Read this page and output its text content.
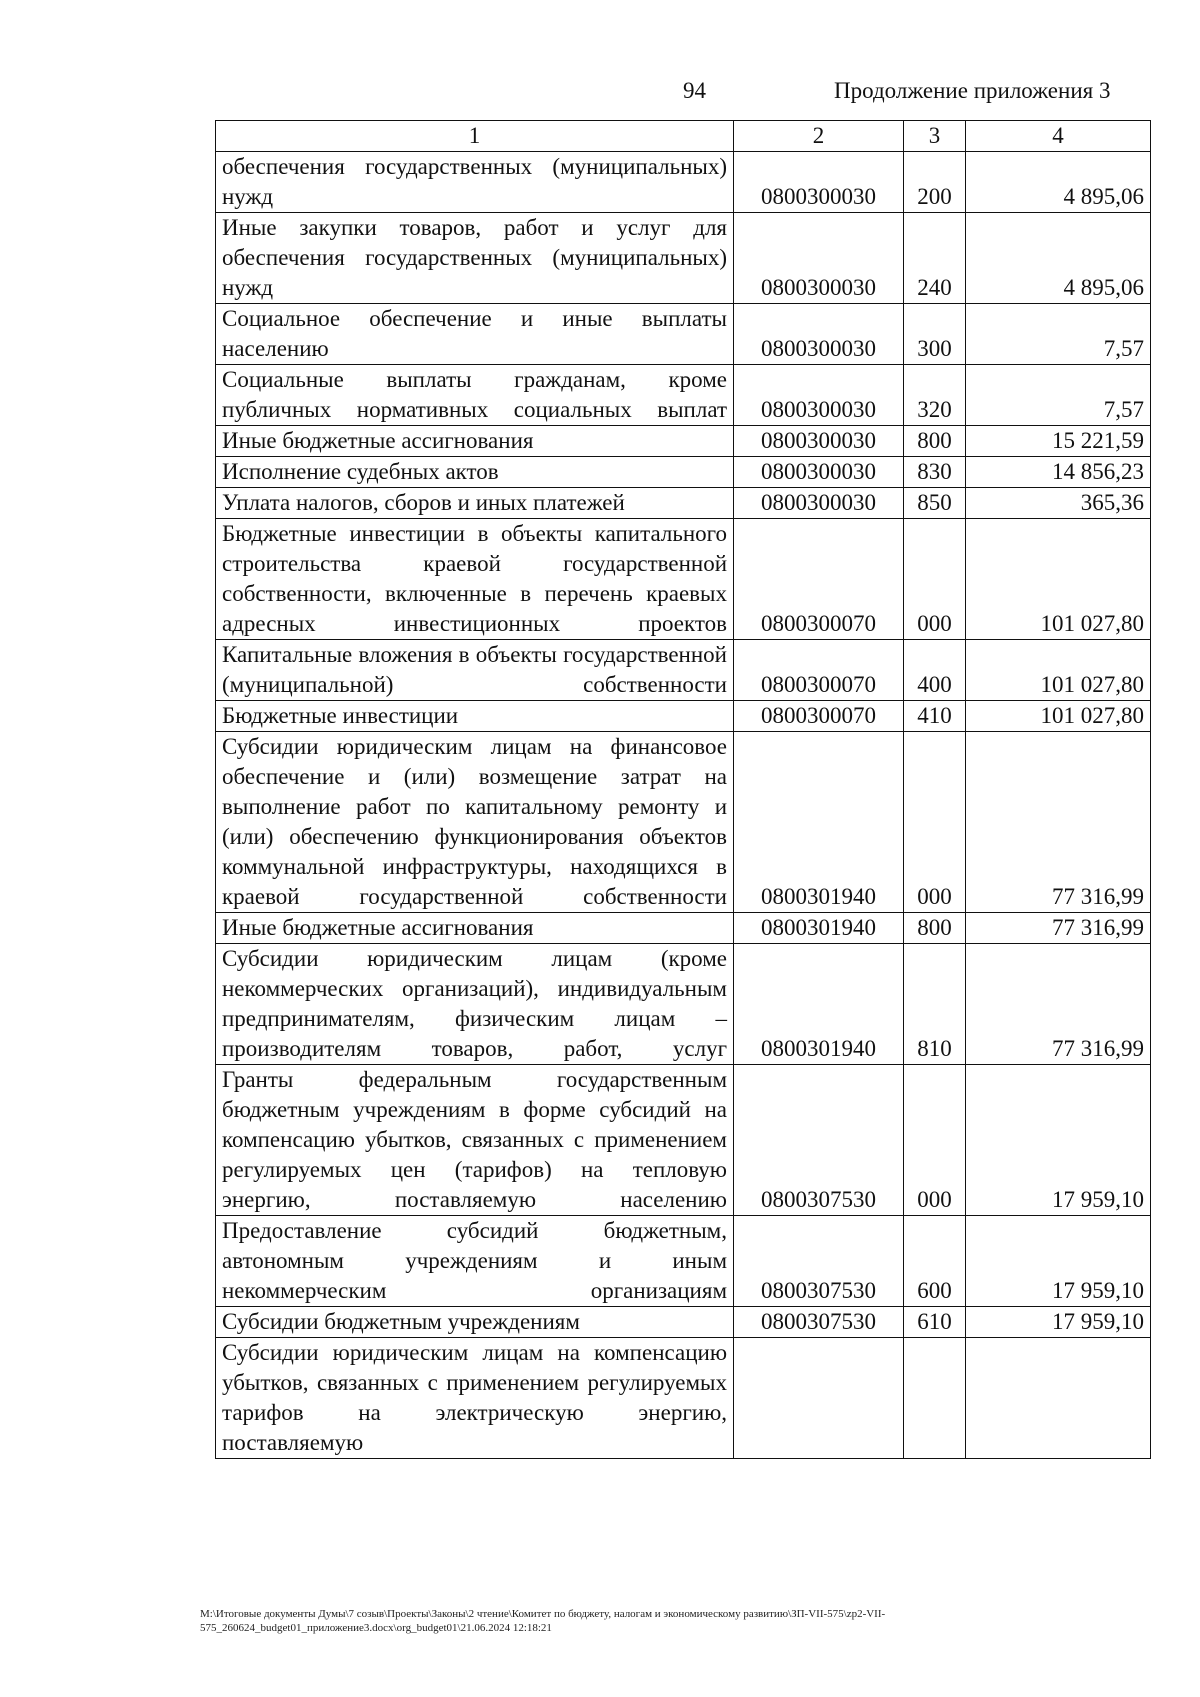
94	Продолжение приложения 3
1	2	3	4
обеспечения государственных (муниципальных) нужд	0800300030	200	4 895,06
Иные закупки товаров, работ и услуг для обеспечения государственных (муниципальных) нужд	0800300030	240	4 895,06
Социальное обеспечение и иные выплаты населению	0800300030	300	7,57
Социальные выплаты гражданам, кроме публичных нормативных социальных выплат	0800300030	320	7,57
Иные бюджетные ассигнования	0800300030	800	15 221,59
Исполнение судебных актов	0800300030	830	14 856,23
Уплата налогов, сборов и иных платежей	0800300030	850	365,36
Бюджетные инвестиции в объекты капитального строительства краевой государственной собственности, включенные в перечень краевых адресных инвестиционных проектов	0800300070	000	101 027,80
Капитальные вложения в объекты государственной (муниципальной) собственности	0800300070	400	101 027,80
Бюджетные инвестиции	0800300070	410	101 027,80
Субсидии юридическим лицам на финансовое обеспечение и (или) возмещение затрат на выполнение работ по капитальному ремонту и (или) обеспечению функционирования объектов коммунальной инфраструктуры, находящихся в краевой государственной собственности	0800301940	000	77 316,99
Иные бюджетные ассигнования	0800301940	800	77 316,99
Субсидии юридическим лицам (кроме некоммерческих организаций), индивидуальным предпринимателям, физическим лицам – производителям товаров, работ, услуг	0800301940	810	77 316,99
Гранты федеральным государственным бюджетным учреждениям в форме субсидий на компенсацию убытков, связанных с применением регулируемых цен (тарифов) на тепловую энергию, поставляемую населению	0800307530	000	17 959,10
Предоставление субсидий бюджетным, автономным учреждениям и иным некоммерческим организациям	0800307530	600	17 959,10
Субсидии бюджетным учреждениям	0800307530	610	17 959,10
Субсидии юридическим лицам на компенсацию убытков, связанных с применением регулируемых тарифов на электрическую энергию, поставляемую			
М:\Итоговые документы Думы\7 созыв\Проекты\Законы\2 чтение\Комитет по бюджету, налогам и экономическому развитию\ЗП-VII-575\zp2-VII-575_260624_budget01_приложение3.docx\org_budget01\21.06.2024 12:18:21
